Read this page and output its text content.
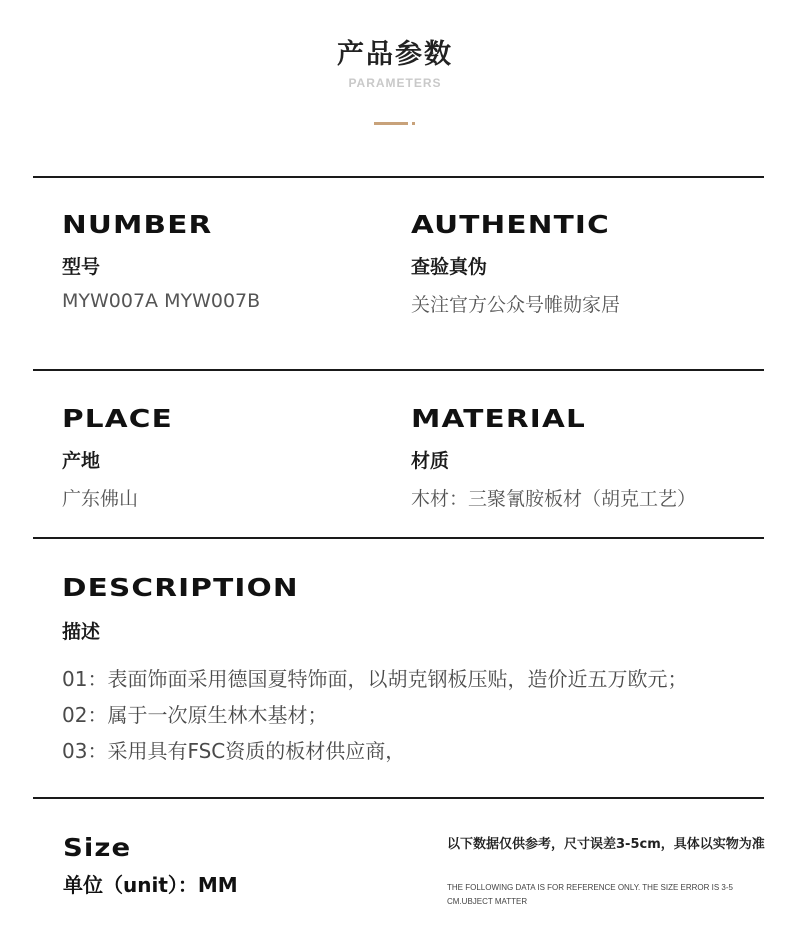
产品参数
PARAMETERS
NUMBER
型号
MYW007A MYW007B
AUTHENTIC
查验真伪
关注官方公众号帷勋家居
PLACE
产地
广东佛山
MATERIAL
材质
木材：三聚氰胺板材（胡克工艺）
DESCRIPTION
描述
01：表面饰面采用德国夏特饰面，以胡克钢板压贴，造价近五万欧元；
02：属于一次原生林木基材；
03：采用具有FSC资质的板材供应商，
Size
单位（unit）：MM
以下数据仅供参考，尺寸误差3-5cm，具体以实物为准
THE FOLLOWING DATA IS FOR REFERENCE ONLY. THE SIZE ERROR IS 3-5 CM.UBJECT MATTER
